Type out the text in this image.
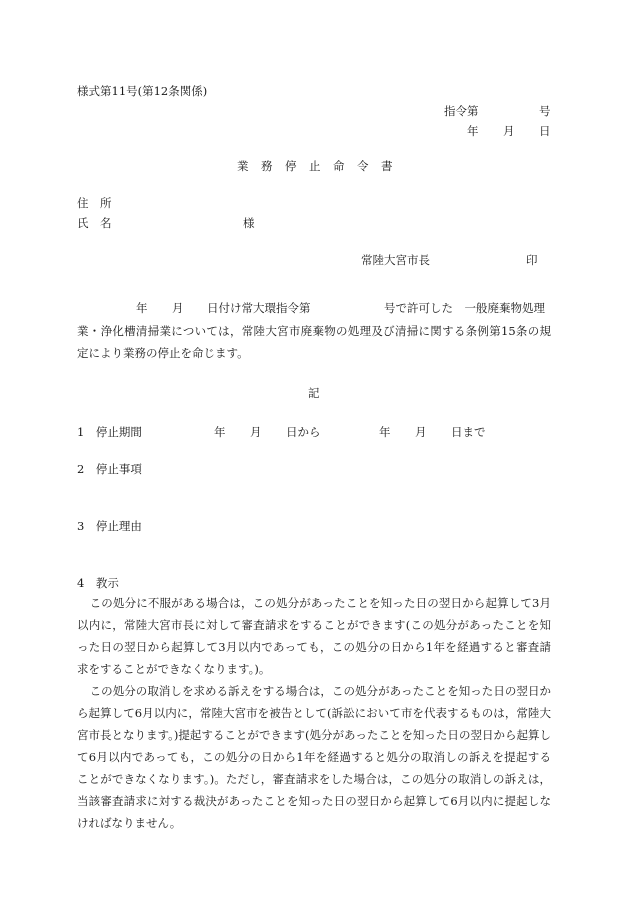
様式第11号(第12条関係)
指令第	号
年 月 日
業　務　停　止　命　令　書
住　所
氏　名	様
常陸大宮市長	印
年 月 日付け常大環指令第	号で許可した　一般廃棄物処理
業・浄化槽清掃業については，常陸大宮市廃棄物の処理及び清掃に関する条例第15条の規定により業務の停止を命じます。
記
1　停止期間	年 月 日から	年 月 日まで
2　停止事項
3　停止理由
4　教示
この処分に不服がある場合は，この処分があったことを知った日の翌日から起算して3月以内に，常陸大宮市長に対して審査請求をすることができます(この処分があったことを知った日の翌日から起算して3月以内であっても，この処分の日から1年を経過すると審査請求をすることができなくなります。)。
この処分の取消しを求める訴えをする場合は，この処分があったことを知った日の翌日から起算して6月以内に，常陸大宮市を被告として(訴訟において市を代表するものは，常陸大宮市長となります。)提起することができます(処分があったことを知った日の翌日から起算して6月以内であっても，この処分の日から1年を経過すると処分の取消しの訴えを提起することができなくなります。)。ただし，審査請求をした場合は，この処分の取消しの訴えは，当該審査請求に対する裁決があったことを知った日の翌日から起算して6月以内に提起しなければなりません。
